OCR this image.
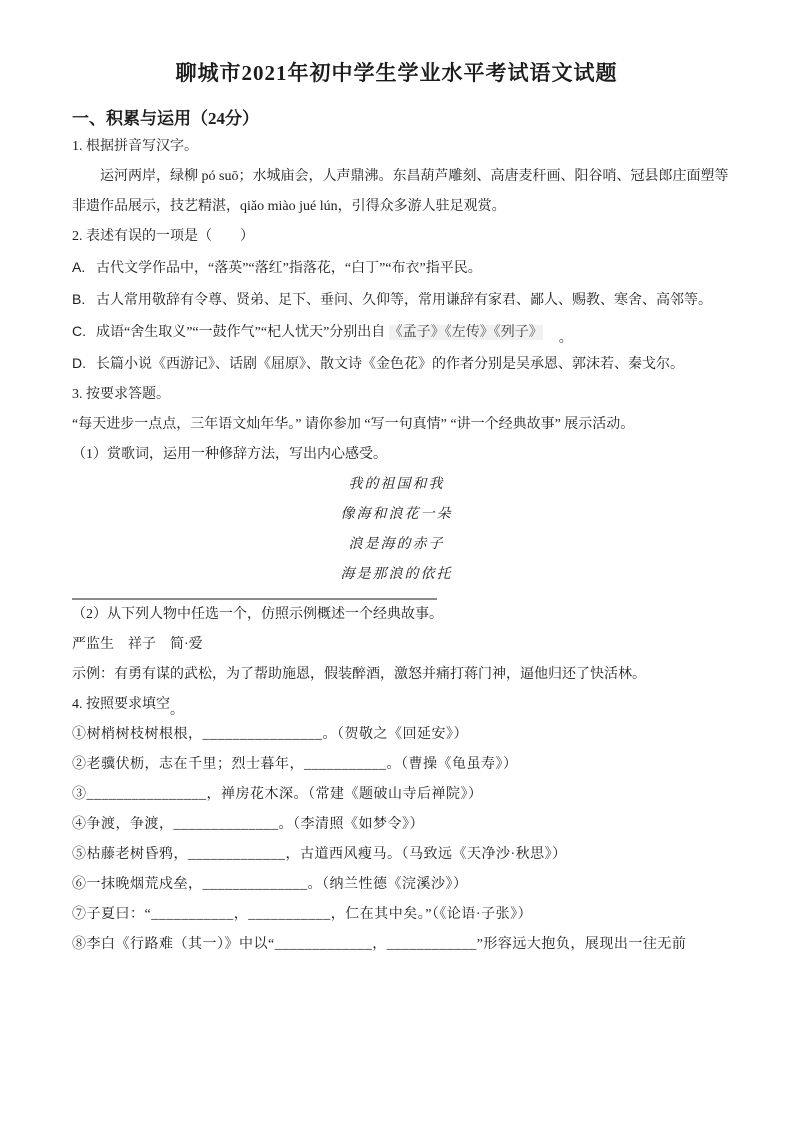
聊城市2021年初中学生学业水平考试语文试题
一、积累与运用（24分）

1. 根据拼音写汉字。

运河两岸，绿柳 pó suō；水城庙会，人声鼎沸。东昌葫芦雕刻、高唐麦秆画、阳谷哨、冠县郎庄面塑等

非遗作品展示，技艺精湛，qiǎo miào jué lún，引得众多游人驻足观赏。

2. 表述有误的一项是（　　）

A. 古代文学作品中，“落英”“落红”指落花，“白丁”“布衣”指平民。

B. 古人常用敬辞有令尊、贤弟、足下、垂问、久仰等，常用谦辞有家君、鄙人、赐教、寒舍、高邻等。

C. 成语“舍生取义”“一鼓作气”“杞人忧天”分别出自 《孟子》《左传》《列子》 。

D. 长篇小说《西游记》、话剧《屈原》、散文诗《金色花》的作者分别是吴承恩、郭沫若、秦戈尔。

3. 按要求答题。

“每天进步一点点，三年语文灿年华。” 请你参加 “写一句真情” “讲一个经典故事” 展示活动。

（1）赏歌词，运用一种修辞方法，写出内心感受。

我的祖国和我

像海和浪花一朵

浪是海的赤子

海是那浪的依托

（2）从下列人物中任选一个，仿照示例概述一个经典故事。

严监生　祥子　简·爱

示例：有勇有谋的武松，为了帮助施恩，假装醉酒，激怒并痛打蒋门神，逼他归还了快活林。

4. 按照要求填空。

①树梢树枝树根根，________________。（贺敬之《回延安》）

②老骥伏枥，志在千里；烈士暮年，___________。（曹操《龟虽寿》）

③________________，禅房花木深。（常建《题破山寺后禅院》）

④争渡，争渡，______________。（李清照《如梦令》）

⑤枯藤老树昏鸦，_____________，古道西风瘦马。（马致远《天净沙·秋思》）

⑥一抹晚烟荒戍垒，______________。（纳兰性德《浣溪沙》）

⑦子夏曰：“___________，___________，仁在其中矣。”（《论语·子张》）

⑧李白《行路难（其一）》中以“_____________，____________”形容远大抱负，展现出一往无前
